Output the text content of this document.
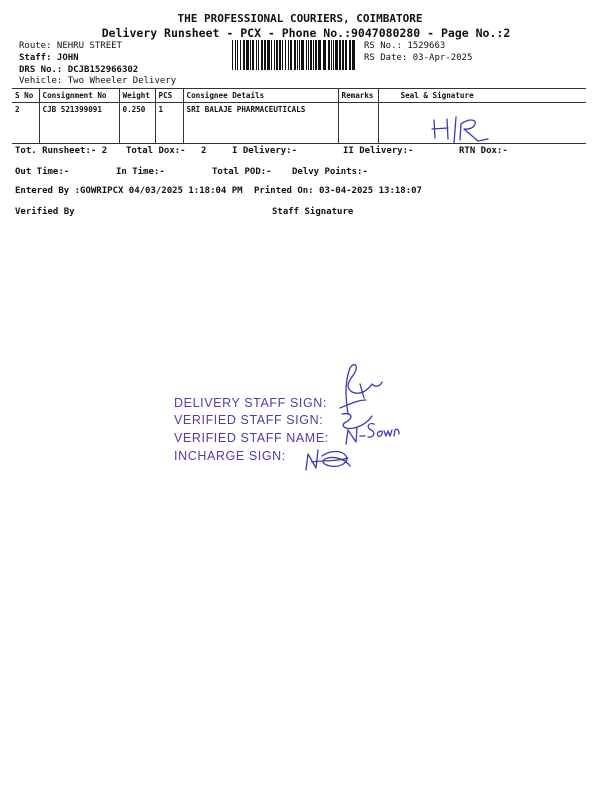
THE PROFESSIONAL COURIERS, COIMBATORE
Delivery Runsheet - PCX - Phone No.:9047080280 - Page No.:2
Route: NEHRU STREET
Staff: JOHN
DRS No.: DCJB152966302
Vehicle: Two Wheeler Delivery
RS No.: 1529663
RS Date: 03-Apr-2025
S No	Consignment No	Weight	PCS	Consignee Details	Remarks	Seal & Signature
2	CJB 521399091	0.250	1	SRI BALAJE PHARMACEUTICALS		
Tot. Runsheet:- 2 Total Dox:- 2	I Delivery:-	II Delivery:-	RTN Dox:-
Out Time:-	In Time:-	Total POD:- Delvy Points:-
Entered By :GOWRIPCX 04/03/2025 1:18:04 PM Printed On: 03-04-2025 13:18:07
Verified By	Staff Signature
DELIVERY STAFF SIGN:
VERIFIED STAFF SIGN:
VERIFIED STAFF NAME:
INCHARGE SIGN:
